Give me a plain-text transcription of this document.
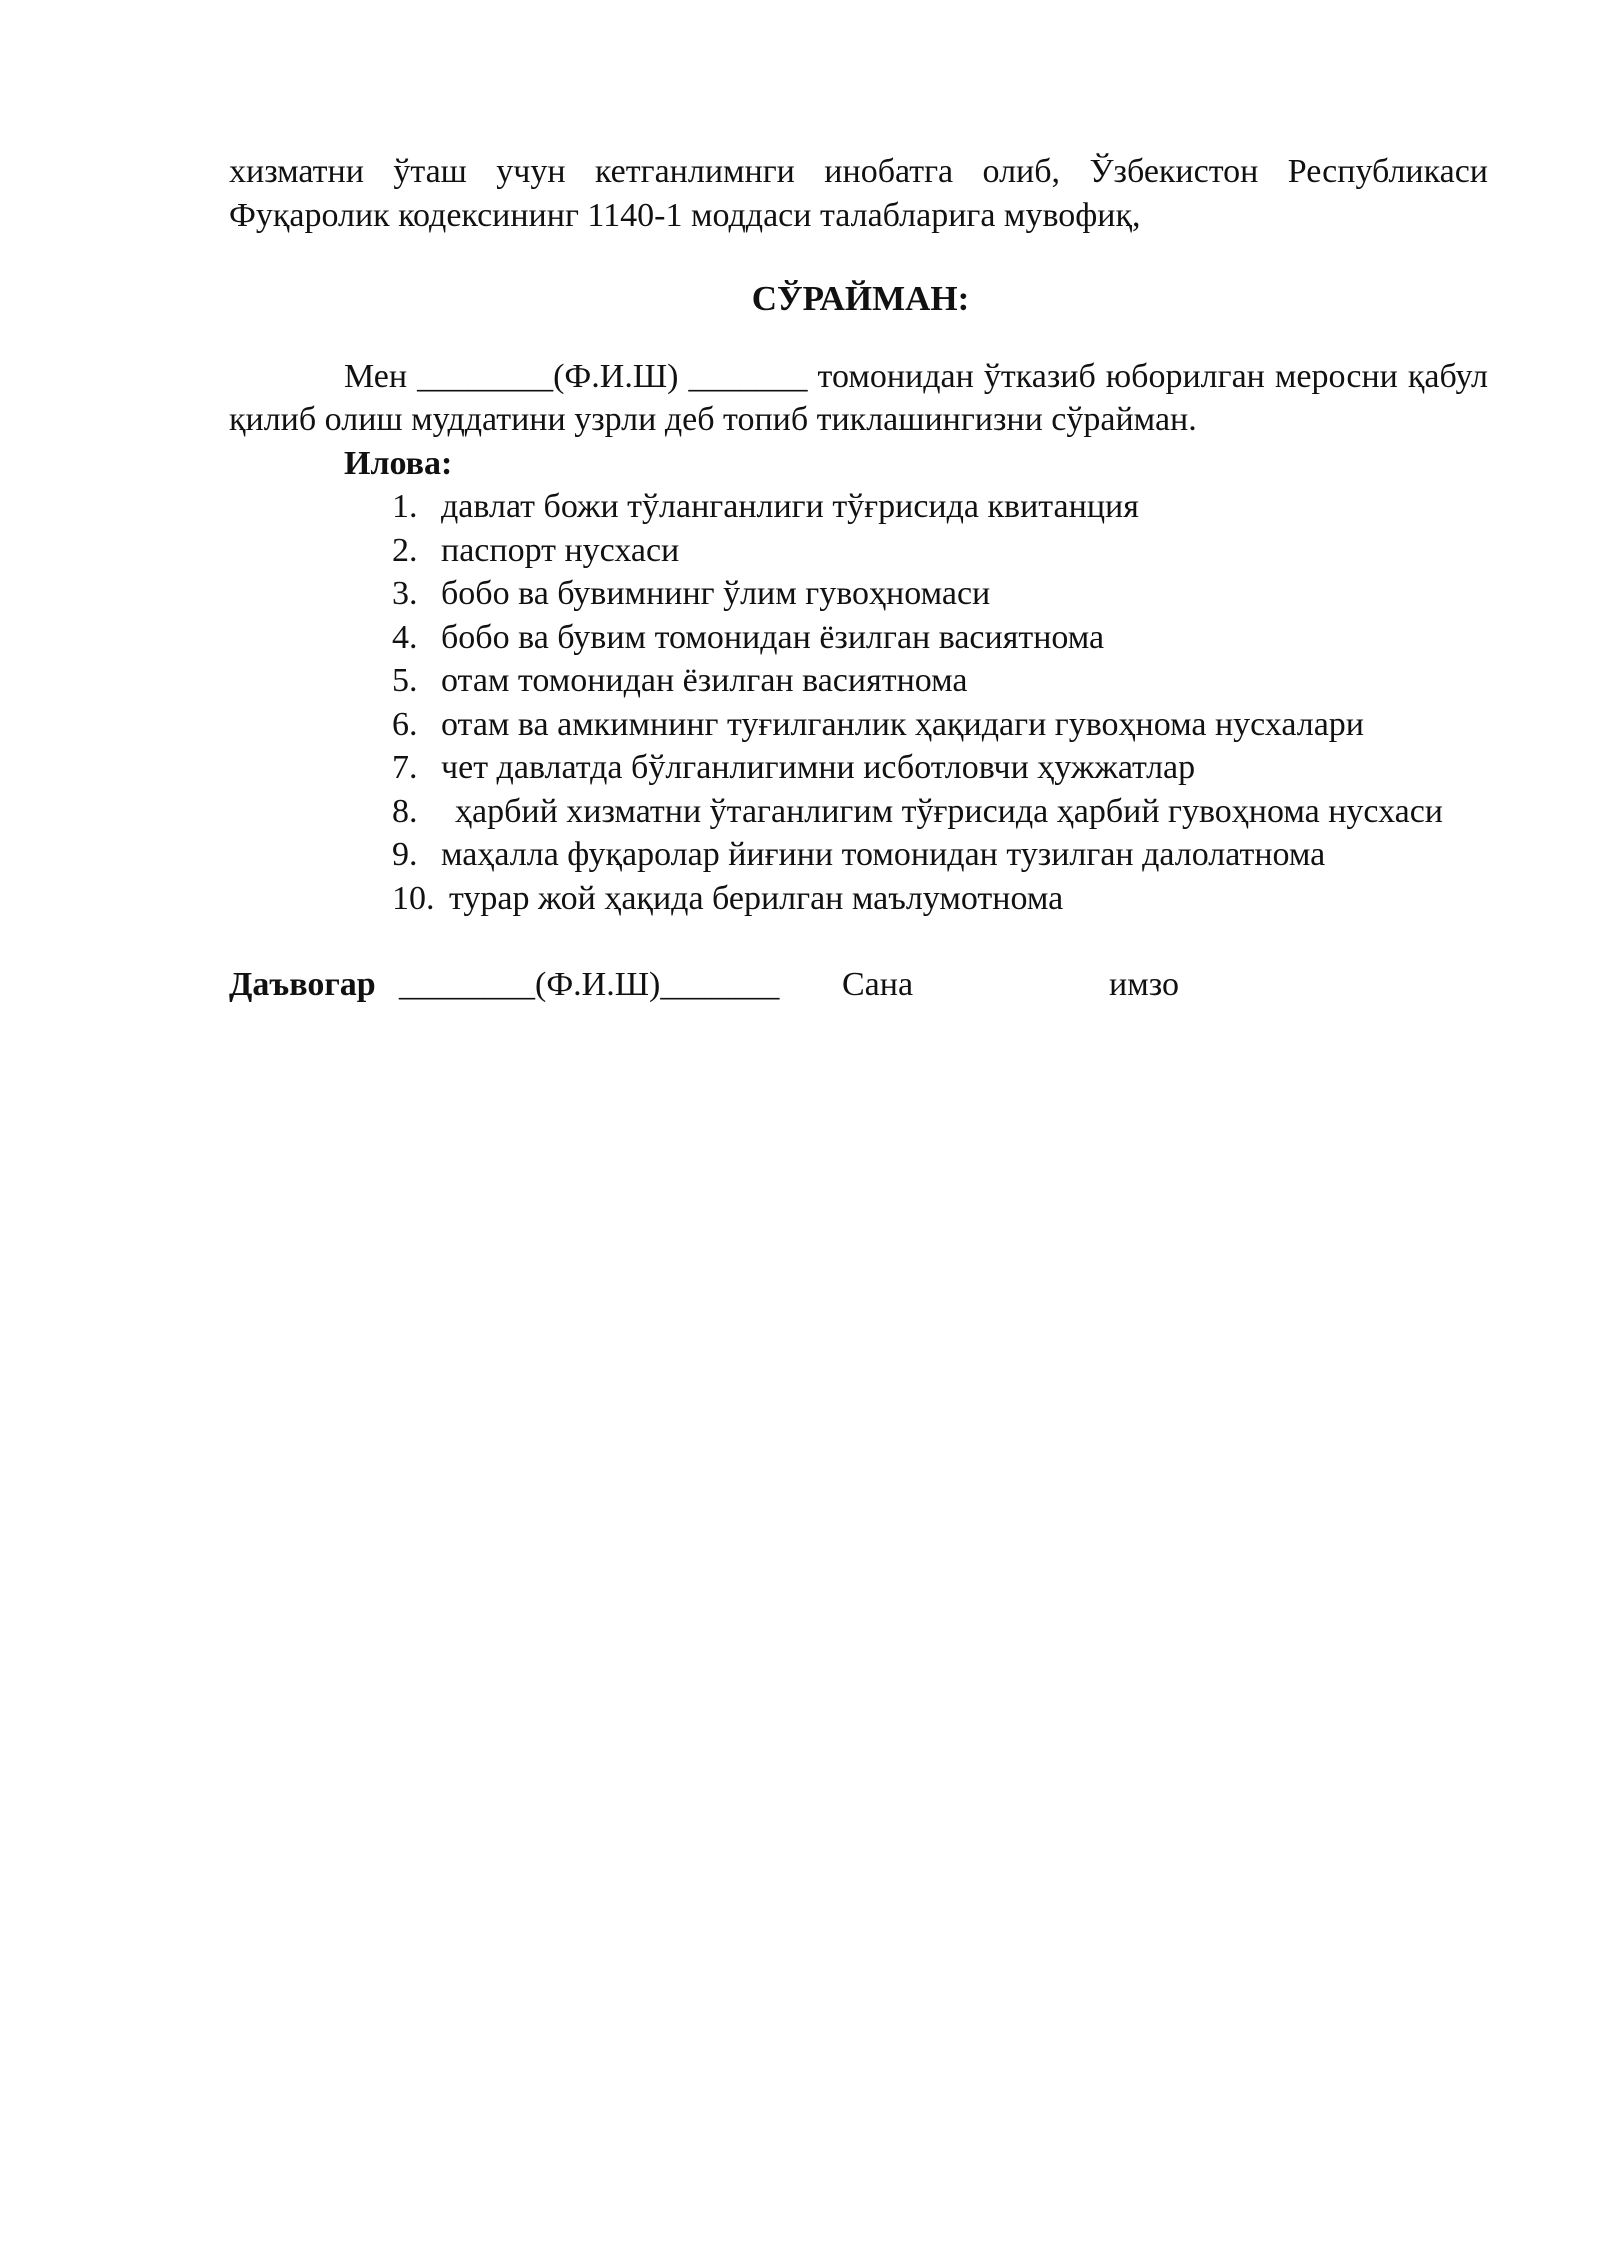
хизматни ўташ учун кетганлимнги инобатга олиб, Ўзбекистон Республикаси Фуқаролик кодексининг 1140-1 моддаси талабларига мувофиқ,

СЎРАЙМАН:

Мен ________(Ф.И.Ш) _______ томонидан ўтказиб юборилган меросни қабул қилиб олиш муддатини узрли деб топиб тиклашингизни сўрайман.

Илова:
1. давлат божи тўланганлиги тўғрисида квитанция
2. паспорт нусхаси
3. бобо ва бувимнинг ўлим гувоҳномаси
4. бобо ва бувим томонидан ёзилган васиятнома
5. отам томонидан ёзилган васиятнома
6. отам ва амкимнинг туғилганлик ҳақидаги гувоҳнома нусхалари
7. чет давлатда бўлганлигимни исботловчи ҳужжатлар
8.	ҳарбий хизматни ўтаганлигим тўғрисида ҳарбий гувоҳнома нусхаси
9. маҳалла фуқаролар йиғини томонидан тузилган далолатнома
10. турар жой ҳақида берилган маълумотнома

Даъвогар

________(Ф.И.Ш)_______

Сана

	имзо
